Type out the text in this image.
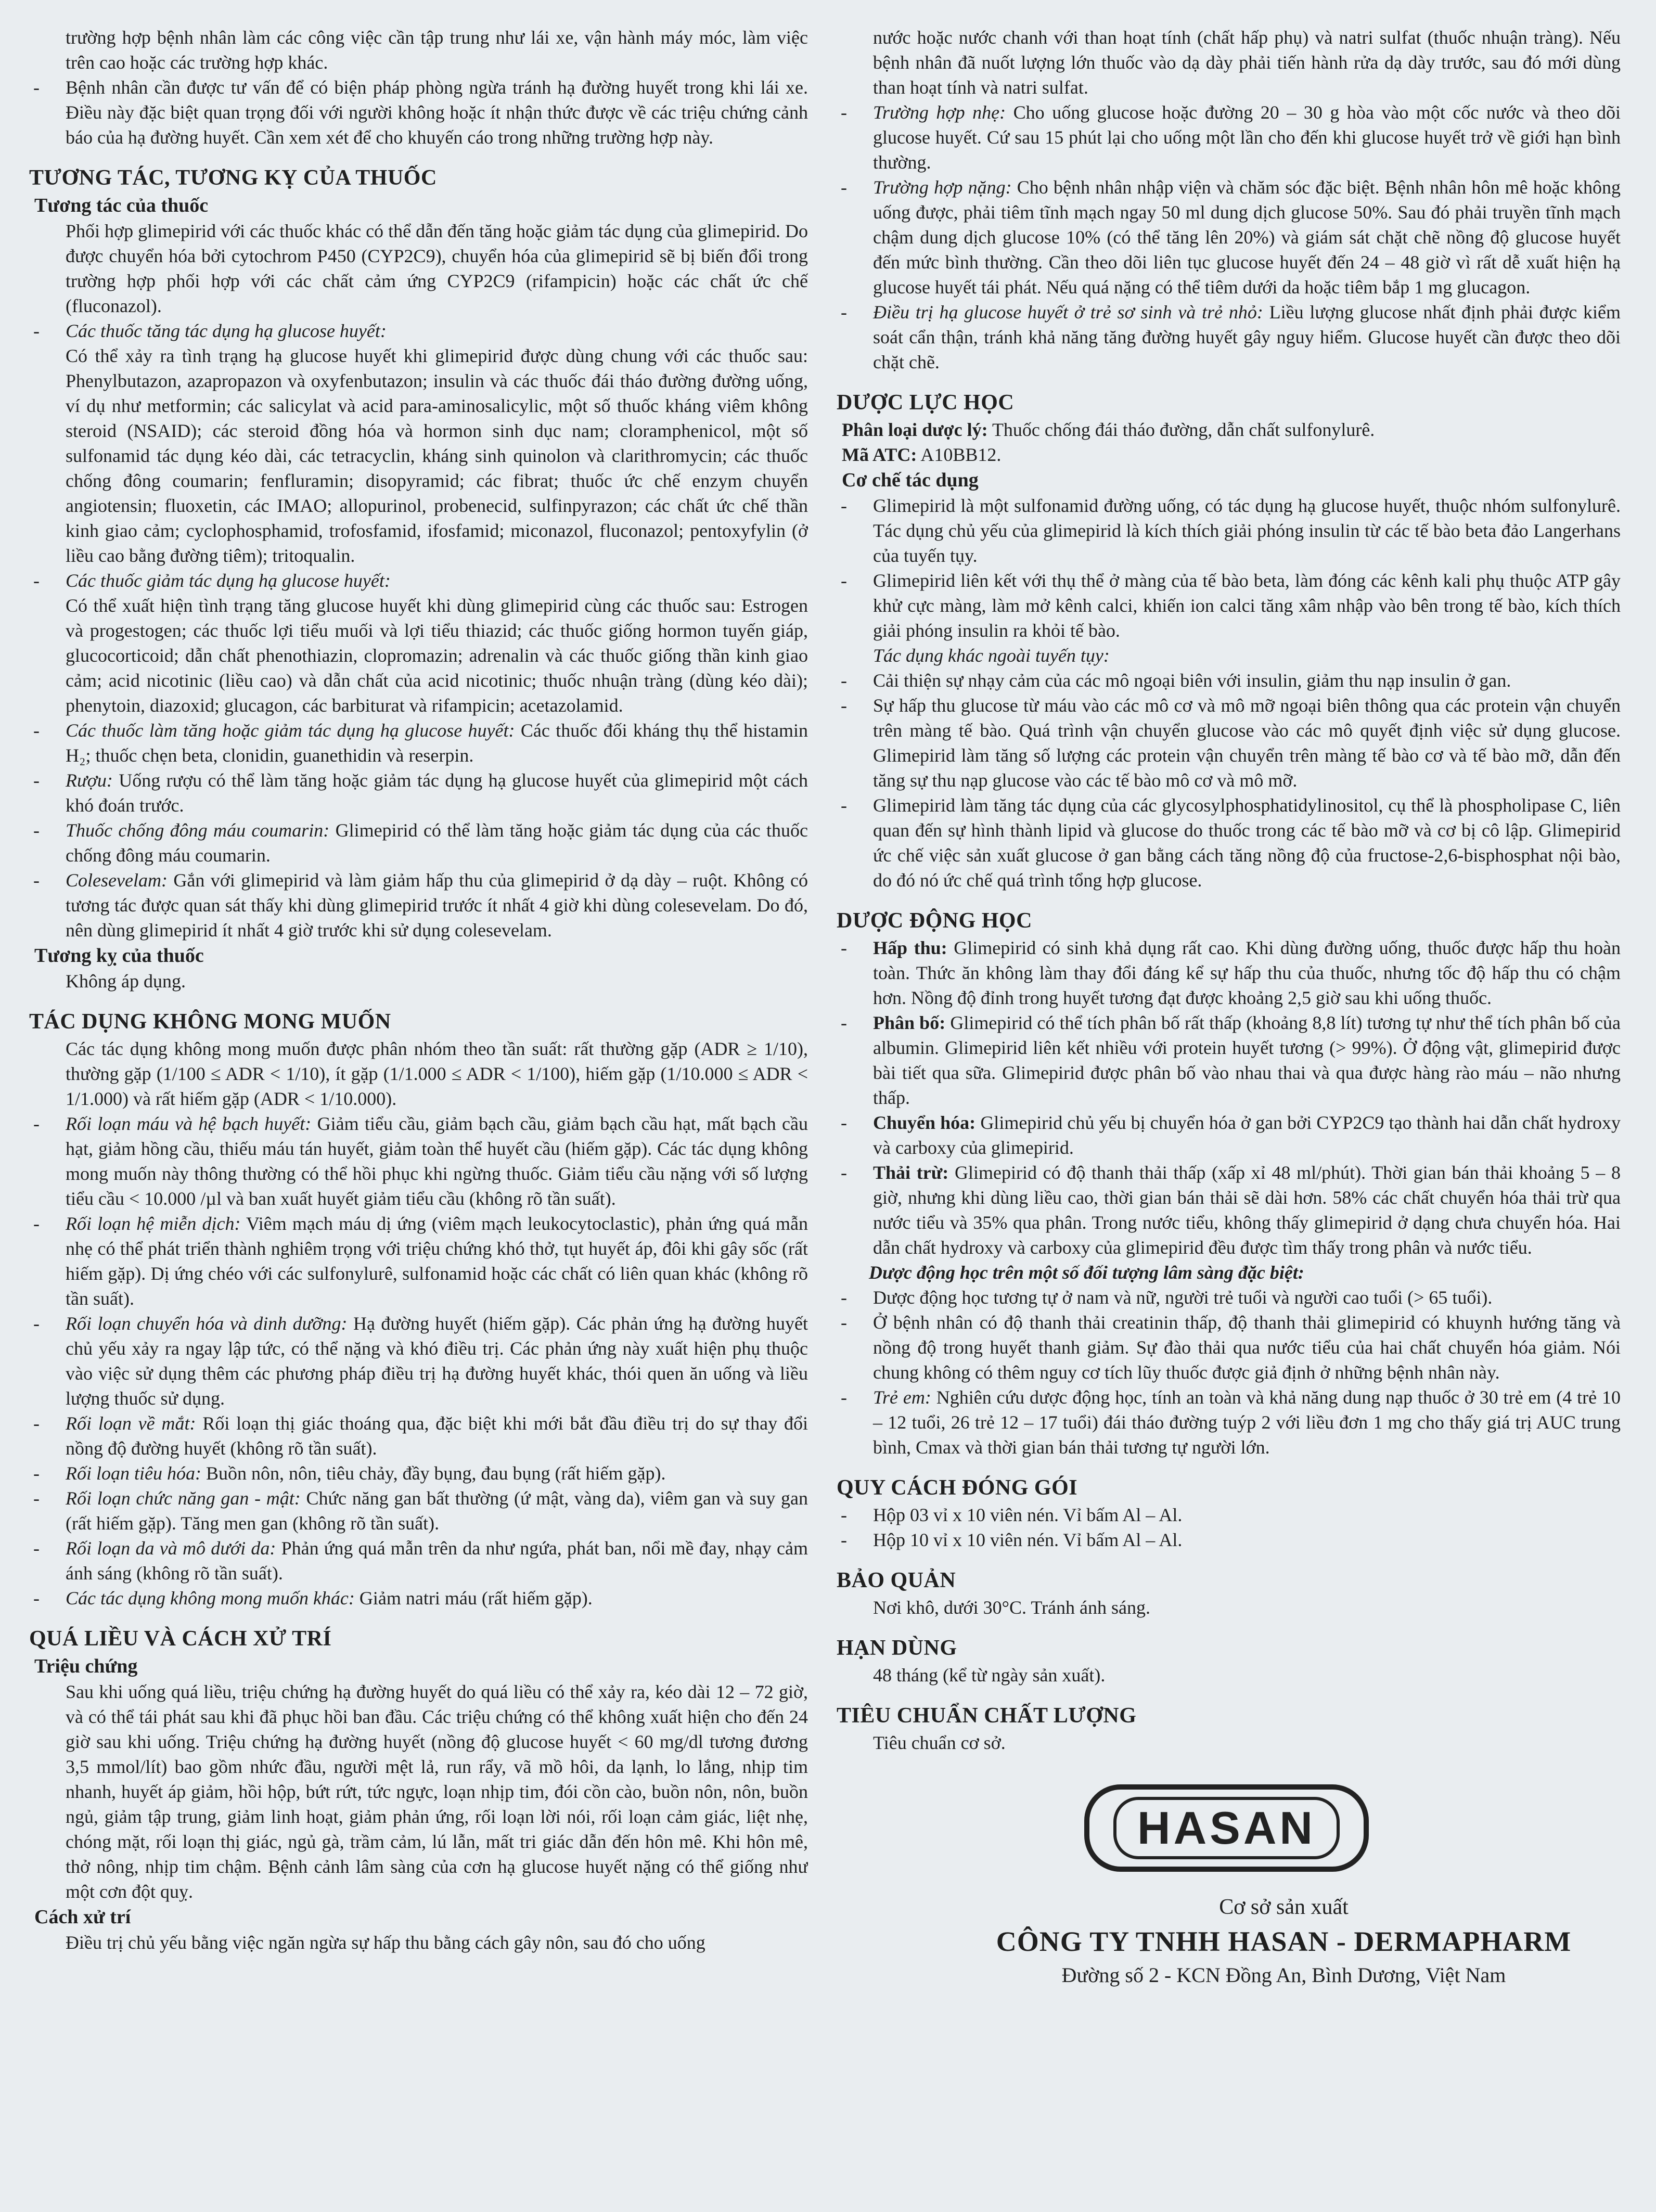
trường hợp bệnh nhân làm các công việc cần tập trung như lái xe, vận hành máy móc, làm việc trên cao hoặc các trường hợp khác.
- Bệnh nhân cần được tư vấn để có biện pháp phòng ngừa tránh hạ đường huyết trong khi lái xe. Điều này đặc biệt quan trọng đối với người không hoặc ít nhận thức được về các triệu chứng cảnh báo của hạ đường huyết. Cần xem xét để cho khuyến cáo trong những trường hợp này.
TƯƠNG TÁC, TƯƠNG KỴ CỦA THUỐC
Tương tác của thuốc
Phối hợp glimepirid với các thuốc khác có thể dẫn đến tăng hoặc giảm tác dụng của glimepirid. Do được chuyển hóa bởi cytochrom P450 (CYP2C9), chuyển hóa của glimepirid sẽ bị biến đổi trong trường hợp phối hợp với các chất cảm ứng CYP2C9 (rifampicin) hoặc các chất ức chế (fluconazol).
- Các thuốc tăng tác dụng hạ glucose huyết:
Có thể xảy ra tình trạng hạ glucose huyết khi glimepirid được dùng chung với các thuốc sau: Phenylbutazon, azapropazon và oxyfenbutazon; insulin và các thuốc đái tháo đường đường uống, ví dụ như metformin; các salicylat và acid para-aminosalicylic, một số thuốc kháng viêm không steroid (NSAID); các steroid đồng hóa và hormon sinh dục nam; cloramphenicol, một số sulfonamid tác dụng kéo dài, các tetracyclin, kháng sinh quinolon và clarithromycin; các thuốc chống đông coumarin; fenfluramin; disopyramid; các fibrat; thuốc ức chế enzym chuyển angiotensin; fluoxetin, các IMAO; allopurinol, probenecid, sulfinpyrazon; các chất ức chế thần kinh giao cảm; cyclophosphamid, trofosfamid, ifosfamid; miconazol, fluconazol; pentoxyfylin (ở liều cao bằng đường tiêm); tritoqualin.
- Các thuốc giảm tác dụng hạ glucose huyết:
Có thể xuất hiện tình trạng tăng glucose huyết khi dùng glimepirid cùng các thuốc sau: Estrogen và progestogen; các thuốc lợi tiểu muối và lợi tiểu thiazid; các thuốc giống hormon tuyến giáp, glucocorticoid; dẫn chất phenothiazin, clopromazin; adrenalin và các thuốc giống thần kinh giao cảm; acid nicotinic (liều cao) và dẫn chất của acid nicotinic; thuốc nhuận tràng (dùng kéo dài); phenytoin, diazoxid; glucagon, các barbiturat và rifampicin; acetazolamid.
- Các thuốc làm tăng hoặc giảm tác dụng hạ glucose huyết: Các thuốc đối kháng thụ thể histamin H₂; thuốc chẹn beta, clonidin, guanethidin và reserpin.
- Rượu: Uống rượu có thể làm tăng hoặc giảm tác dụng hạ glucose huyết của glimepirid một cách khó đoán trước.
- Thuốc chống đông máu coumarin: Glimepirid có thể làm tăng hoặc giảm tác dụng của các thuốc chống đông máu coumarin.
- Colesevelam: Gắn với glimepirid và làm giảm hấp thu của glimepirid ở dạ dày – ruột. Không có tương tác được quan sát thấy khi dùng glimepirid trước ít nhất 4 giờ khi dùng colesevelam. Do đó, nên dùng glimepirid ít nhất 4 giờ trước khi sử dụng colesevelam.
Tương kỵ của thuốc
Không áp dụng.
TÁC DỤNG KHÔNG MONG MUỐN
Các tác dụng không mong muốn được phân nhóm theo tần suất: rất thường gặp (ADR ≥ 1/10), thường gặp (1/100 ≤ ADR < 1/10), ít gặp (1/1.000 ≤ ADR < 1/100), hiếm gặp (1/10.000 ≤ ADR < 1/1.000) và rất hiếm gặp (ADR < 1/10.000).
- Rối loạn máu và hệ bạch huyết: Giảm tiểu cầu, giảm bạch cầu, giảm bạch cầu hạt, mất bạch cầu hạt, giảm hồng cầu, thiếu máu tán huyết, giảm toàn thể huyết cầu (hiếm gặp). Các tác dụng không mong muốn này thông thường có thể hồi phục khi ngừng thuốc. Giảm tiểu cầu nặng với số lượng tiểu cầu < 10.000 /µl và ban xuất huyết giảm tiểu cầu (không rõ tần suất).
- Rối loạn hệ miễn dịch: Viêm mạch máu dị ứng (viêm mạch leukocytoclastic), phản ứng quá mẫn nhẹ có thể phát triển thành nghiêm trọng với triệu chứng khó thở, tụt huyết áp, đôi khi gây sốc (rất hiếm gặp). Dị ứng chéo với các sulfonylurê, sulfonamid hoặc các chất có liên quan khác (không rõ tần suất).
- Rối loạn chuyển hóa và dinh dưỡng: Hạ đường huyết (hiếm gặp). Các phản ứng hạ đường huyết chủ yếu xảy ra ngay lập tức, có thể nặng và khó điều trị. Các phản ứng này xuất hiện phụ thuộc vào việc sử dụng thêm các phương pháp điều trị hạ đường huyết khác, thói quen ăn uống và liều lượng thuốc sử dụng.
- Rối loạn về mắt: Rối loạn thị giác thoáng qua, đặc biệt khi mới bắt đầu điều trị do sự thay đổi nồng độ đường huyết (không rõ tần suất).
- Rối loạn tiêu hóa: Buồn nôn, nôn, tiêu chảy, đầy bụng, đau bụng (rất hiếm gặp).
- Rối loạn chức năng gan - mật: Chức năng gan bất thường (ứ mật, vàng da), viêm gan và suy gan (rất hiếm gặp). Tăng men gan (không rõ tần suất).
- Rối loạn da và mô dưới da: Phản ứng quá mẫn trên da như ngứa, phát ban, nổi mề đay, nhạy cảm ánh sáng (không rõ tần suất).
- Các tác dụng không mong muốn khác: Giảm natri máu (rất hiếm gặp).
QUÁ LIỀU VÀ CÁCH XỬ TRÍ
Triệu chứng
Sau khi uống quá liều, triệu chứng hạ đường huyết do quá liều có thể xảy ra, kéo dài 12 – 72 giờ, và có thể tái phát sau khi đã phục hồi ban đầu. Các triệu chứng có thể không xuất hiện cho đến 24 giờ sau khi uống. Triệu chứng hạ đường huyết (nồng độ glucose huyết < 60 mg/dl tương đương 3,5 mmol/lít) bao gồm nhức đầu, người mệt lả, run rẩy, vã mồ hôi, da lạnh, lo lắng, nhịp tim nhanh, huyết áp giảm, hồi hộp, bứt rứt, tức ngực, loạn nhịp tim, đói cồn cào, buồn nôn, nôn, buồn ngủ, giảm tập trung, giảm linh hoạt, giảm phản ứng, rối loạn lời nói, rối loạn cảm giác, liệt nhẹ, chóng mặt, rối loạn thị giác, ngủ gà, trầm cảm, lú lẫn, mất tri giác dẫn đến hôn mê. Khi hôn mê, thở nông, nhịp tim chậm. Bệnh cảnh lâm sàng của cơn hạ glucose huyết nặng có thể giống như một cơn đột quỵ.
Cách xử trí
Điều trị chủ yếu bằng việc ngăn ngừa sự hấp thu bằng cách gây nôn, sau đó cho uống
nước hoặc nước chanh với than hoạt tính (chất hấp phụ) và natri sulfat (thuốc nhuận tràng). Nếu bệnh nhân đã nuốt lượng lớn thuốc vào dạ dày phải tiến hành rửa dạ dày trước, sau đó mới dùng than hoạt tính và natri sulfat.
- Trường hợp nhẹ: Cho uống glucose hoặc đường 20 – 30 g hòa vào một cốc nước và theo dõi glucose huyết. Cứ sau 15 phút lại cho uống một lần cho đến khi glucose huyết trở về giới hạn bình thường.
- Trường hợp nặng: Cho bệnh nhân nhập viện và chăm sóc đặc biệt. Bệnh nhân hôn mê hoặc không uống được, phải tiêm tĩnh mạch ngay 50 ml dung dịch glucose 50%. Sau đó phải truyền tĩnh mạch chậm dung dịch glucose 10% (có thể tăng lên 20%) và giám sát chặt chẽ nồng độ glucose huyết đến mức bình thường. Cần theo dõi liên tục glucose huyết đến 24 – 48 giờ vì rất dễ xuất hiện hạ glucose huyết tái phát. Nếu quá nặng có thể tiêm dưới da hoặc tiêm bắp 1 mg glucagon.
- Điều trị hạ glucose huyết ở trẻ sơ sinh và trẻ nhỏ: Liều lượng glucose nhất định phải được kiểm soát cẩn thận, tránh khả năng tăng đường huyết gây nguy hiểm. Glucose huyết cần được theo dõi chặt chẽ.
DƯỢC LỰC HỌC
Phân loại dược lý: Thuốc chống đái tháo đường, dẫn chất sulfonylurê.
Mã ATC: A10BB12.
Cơ chế tác dụng
- Glimepirid là một sulfonamid đường uống, có tác dụng hạ glucose huyết, thuộc nhóm sulfonylurê. Tác dụng chủ yếu của glimepirid là kích thích giải phóng insulin từ các tế bào beta đảo Langerhans của tuyến tụy.
- Glimepirid liên kết với thụ thể ở màng của tế bào beta, làm đóng các kênh kali phụ thuộc ATP gây khử cực màng, làm mở kênh calci, khiến ion calci tăng xâm nhập vào bên trong tế bào, kích thích giải phóng insulin ra khỏi tế bào.
Tác dụng khác ngoài tuyến tụy:
- Cải thiện sự nhạy cảm của các mô ngoại biên với insulin, giảm thu nạp insulin ở gan.
- Sự hấp thu glucose từ máu vào các mô cơ và mô mỡ ngoại biên thông qua các protein vận chuyển trên màng tế bào. Quá trình vận chuyển glucose vào các mô quyết định việc sử dụng glucose. Glimepirid làm tăng số lượng các protein vận chuyển trên màng tế bào cơ và tế bào mỡ, dẫn đến tăng sự thu nạp glucose vào các tế bào mô cơ và mô mỡ.
- Glimepirid làm tăng tác dụng của các glycosylphosphatidylinositol, cụ thể là phospholipase C, liên quan đến sự hình thành lipid và glucose do thuốc trong các tế bào mỡ và cơ bị cô lập. Glimepirid ức chế việc sản xuất glucose ở gan bằng cách tăng nồng độ của fructose-2,6-bisphosphat nội bào, do đó nó ức chế quá trình tổng hợp glucose.
DƯỢC ĐỘNG HỌC
- Hấp thu: Glimepirid có sinh khả dụng rất cao. Khi dùng đường uống, thuốc được hấp thu hoàn toàn. Thức ăn không làm thay đổi đáng kể sự hấp thu của thuốc, nhưng tốc độ hấp thu có chậm hơn. Nồng độ đỉnh trong huyết tương đạt được khoảng 2,5 giờ sau khi uống thuốc.
- Phân bố: Glimepirid có thể tích phân bố rất thấp (khoảng 8,8 lít) tương tự như thể tích phân bố của albumin. Glimepirid liên kết nhiều với protein huyết tương (> 99%). Ở động vật, glimepirid được bài tiết qua sữa. Glimepirid được phân bố vào nhau thai và qua được hàng rào máu – não nhưng thấp.
- Chuyển hóa: Glimepirid chủ yếu bị chuyển hóa ở gan bởi CYP2C9 tạo thành hai dẫn chất hydroxy và carboxy của glimepirid.
- Thải trừ: Glimepirid có độ thanh thải thấp (xấp xỉ 48 ml/phút). Thời gian bán thải khoảng 5 – 8 giờ, nhưng khi dùng liều cao, thời gian bán thải sẽ dài hơn. 58% các chất chuyển hóa thải trừ qua nước tiểu và 35% qua phân. Trong nước tiểu, không thấy glimepirid ở dạng chưa chuyển hóa. Hai dẫn chất hydroxy và carboxy của glimepirid đều được tìm thấy trong phân và nước tiểu.
Dược động học trên một số đối tượng lâm sàng đặc biệt:
- Dược động học tương tự ở nam và nữ, người trẻ tuổi và người cao tuổi (> 65 tuổi).
- Ở bệnh nhân có độ thanh thải creatinin thấp, độ thanh thải glimepirid có khuynh hướng tăng và nồng độ trong huyết thanh giảm. Sự đào thải qua nước tiểu của hai chất chuyển hóa giảm. Nói chung không có thêm nguy cơ tích lũy thuốc được giả định ở những bệnh nhân này.
- Trẻ em: Nghiên cứu dược động học, tính an toàn và khả năng dung nạp thuốc ở 30 trẻ em (4 trẻ 10 – 12 tuổi, 26 trẻ 12 – 17 tuổi) đái tháo đường tuýp 2 với liều đơn 1 mg cho thấy giá trị AUC trung bình, Cmax và thời gian bán thải tương tự người lớn.
QUY CÁCH ĐÓNG GÓI
- Hộp 03 vỉ x 10 viên nén. Vỉ bấm Al – Al.
- Hộp 10 vỉ x 10 viên nén. Vỉ bấm Al – Al.
BẢO QUẢN
Nơi khô, dưới 30°C. Tránh ánh sáng.
HẠN DÙNG
48 tháng (kể từ ngày sản xuất).
TIÊU CHUẨN CHẤT LƯỢNG
Tiêu chuẩn cơ sở.
HASAN
Cơ sở sản xuất
CÔNG TY TNHH HASAN - DERMAPHARM
Đường số 2 - KCN Đồng An, Bình Dương, Việt Nam
